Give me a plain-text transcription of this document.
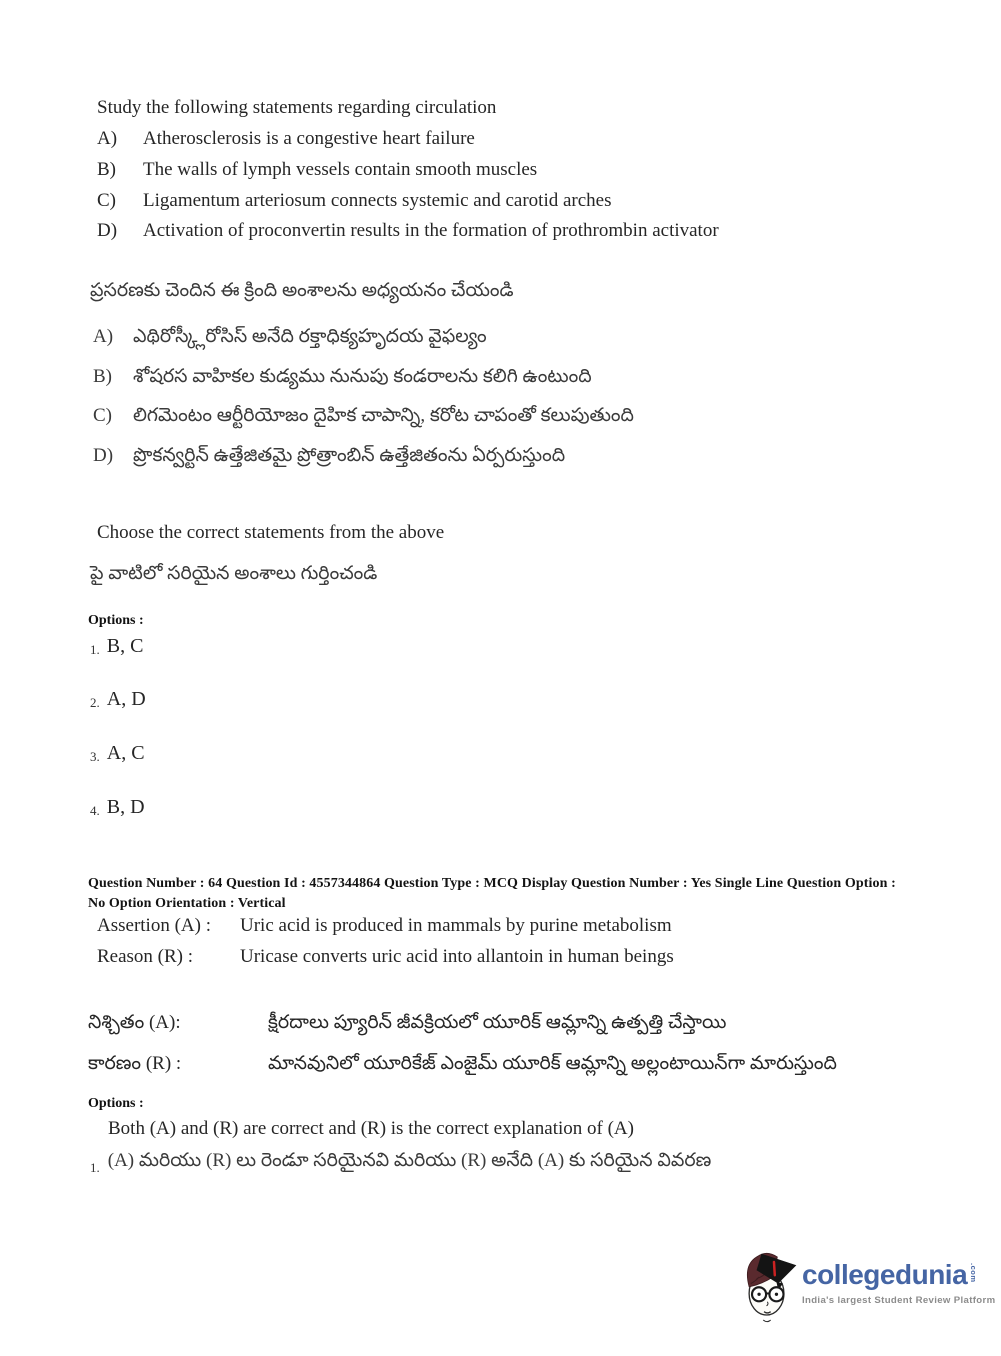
Study the following statements regarding circulation
A)	Atherosclerosis is a congestive heart failure
B)	The walls of lymph vessels contain smooth muscles
C)	Ligamentum arteriosum connects systemic and carotid arches
D)	Activation of proconvertin results in the formation of prothrombin activator
ప్రసరణకు చెందిన ఈ క్రింది అంశాలను అధ్యయనం చేయండి
A)	ఎథిరోస్క్లీరోసిస్ అనేది రక్తాధిక్యహృదయ వైఫల్యం
B)	శోషరస వాహికల కుడ్యము నునుపు కండరాలను కలిగి ఉంటుంది
C)	లిగమెంటం ఆర్టీరియోజం దైహిక చాపాన్ని, కరోట చాపంతో కలుపుతుంది
D)	ప్రొకన్వర్టిన్ ఉత్తేజితమై ప్రోత్రాంబిన్ ఉత్తేజితంను ఏర్పరుస్తుంది
Choose the correct statements from the above
పై వాటిలో సరియైన అంశాలు గుర్తించండి
Options :
1. B, C
2. A, D
3. A, C
4. B, D
Question Number : 64 Question Id : 4557344864 Question Type : MCQ Display Question Number : Yes Single Line Question Option : No Option Orientation : Vertical
Assertion (A) :	Uric acid is produced in mammals by purine metabolism
Reason (R) :	Uricase converts uric acid into allantoin in human beings
నిశ్చితం (A):	క్షీరదాలు ప్యూరిన్ జీవక్రియలో యూరిక్ ఆమ్లాన్ని ఉత్పత్తి చేస్తాయి
కారణం (R) :	మానవునిలో యూరికేజ్ ఎంజైమ్ యూరిక్ ఆమ్లాన్ని అల్లంటాయిన్‌గా మారుస్తుంది
Options :
Both (A) and (R) are correct and (R) is the correct explanation of (A)
1. (A) మరియు (R) లు రెండూ సరియైనవి మరియు (R) అనేది (A) కు సరియైన వివరణ
collegedunia .com
India's largest Student Review Platform
